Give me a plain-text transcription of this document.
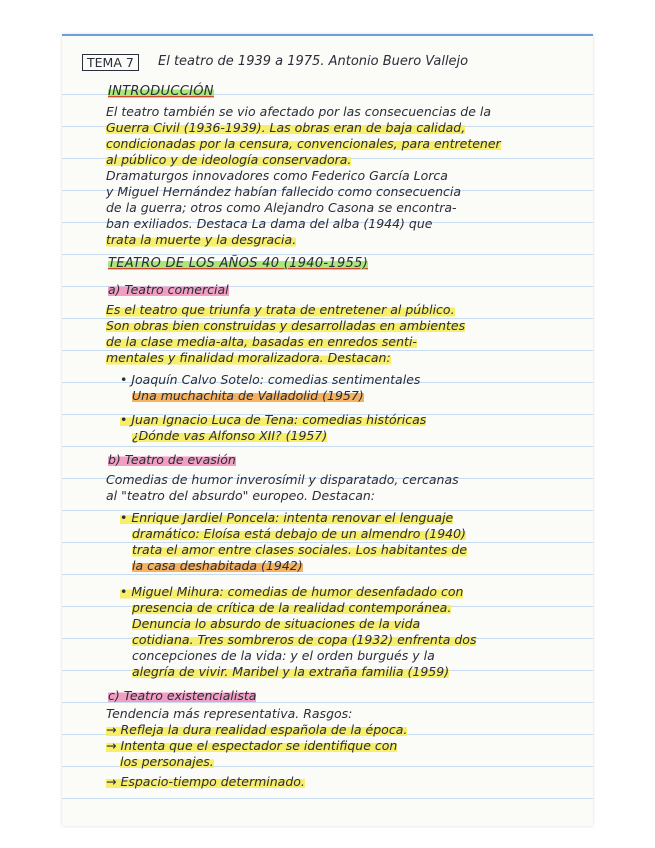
TEMA 7	El teatro de 1939 a 1975. Antonio Buero Vallejo
INTRODUCCIÓN
El teatro también se vio afectado por las consecuencias de la
Guerra Civil (1936-1939). Las obras eran de baja calidad,
condicionadas por la censura, convencionales, para entretener
al público y de ideología conservadora.
Dramaturgos innovadores como Federico García Lorca
y Miguel Hernández habían fallecido como consecuencia
de la guerra; otros como Alejandro Casona se encontra-
ban exiliados. Destaca La dama del alba (1944) que
trata la muerte y la desgracia.
TEATRO DE LOS AÑOS 40 (1940-1955)
a) Teatro comercial
Es el teatro que triunfa y trata de entretener al público.
Son obras bien construidas y desarrolladas en ambientes
de la clase media-alta, basadas en enredos senti-
mentales y finalidad moralizadora. Destacan:
• Joaquín Calvo Sotelo: comedias sentimentales
Una muchachita de Valladolid (1957)
• Juan Ignacio Luca de Tena: comedias históricas
¿Dónde vas Alfonso XII? (1957)
b) Teatro de evasión
Comedias de humor inverosímil y disparatado, cercanas
al "teatro del absurdo" europeo. Destacan:
• Enrique Jardiel Poncela: intenta renovar el lenguaje
dramático: Eloísa está debajo de un almendro (1940)
trata el amor entre clases sociales. Los habitantes de
la casa deshabitada (1942)
• Miguel Mihura: comedias de humor desenfadado con
presencia de crítica de la realidad contemporánea.
Denuncia lo absurdo de situaciones de la vida
cotidiana. Tres sombreros de copa (1932) enfrenta dos
concepciones de la vida: y el orden burgués y la
alegría de vivir. Maribel y la extraña familia (1959)
c) Teatro existencialista
Tendencia más representativa. Rasgos:
→ Refleja la dura realidad española de la época.
→ Intenta que el espectador se identifique con
los personajes.
→ Espacio-tiempo determinado.
